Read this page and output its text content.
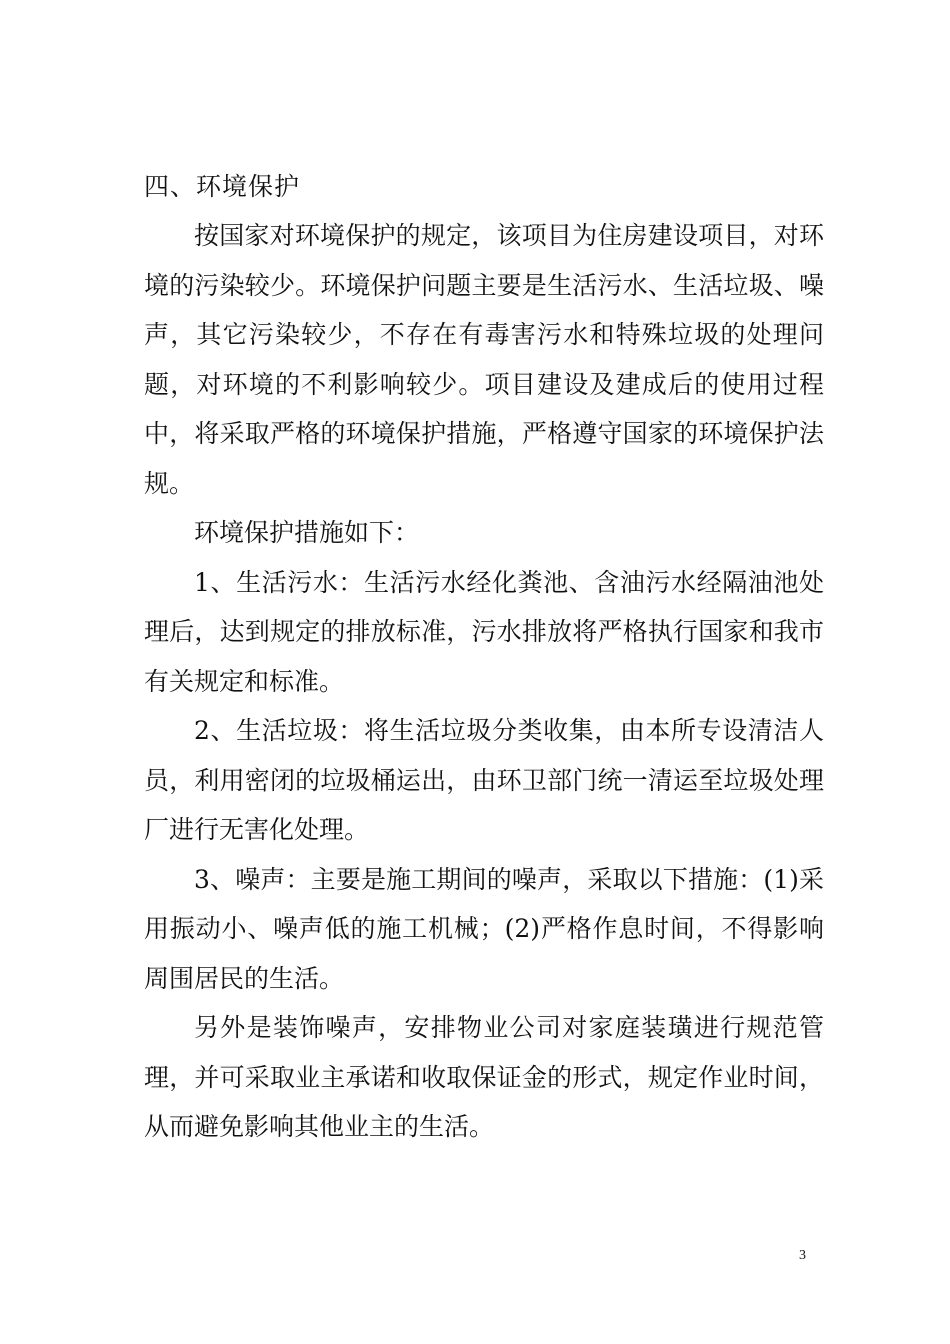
四、环境保护

按国家对环境保护的规定，该项目为住房建设项目，对环境的污染较少。环境保护问题主要是生活污水、生活垃圾、噪声，其它污染较少，不存在有毒害污水和特殊垃圾的处理问题，对环境的不利影响较少。项目建设及建成后的使用过程中，将采取严格的环境保护措施，严格遵守国家的环境保护法规。

环境保护措施如下：

1、生活污水：生活污水经化粪池、含油污水经隔油池处理后，达到规定的排放标准，污水排放将严格执行国家和我市有关规定和标准。

2、生活垃圾：将生活垃圾分类收集，由本所专设清洁人员，利用密闭的垃圾桶运出，由环卫部门统一清运至垃圾处理厂进行无害化处理。

3、噪声：主要是施工期间的噪声，采取以下措施：(1)采用振动小、噪声低的施工机械；(2)严格作息时间，不得影响周围居民的生活。

另外是装饰噪声，安排物业公司对家庭装璜进行规范管理，并可采取业主承诺和收取保证金的形式，规定作业时间，从而避免影响其他业主的生活。

3
